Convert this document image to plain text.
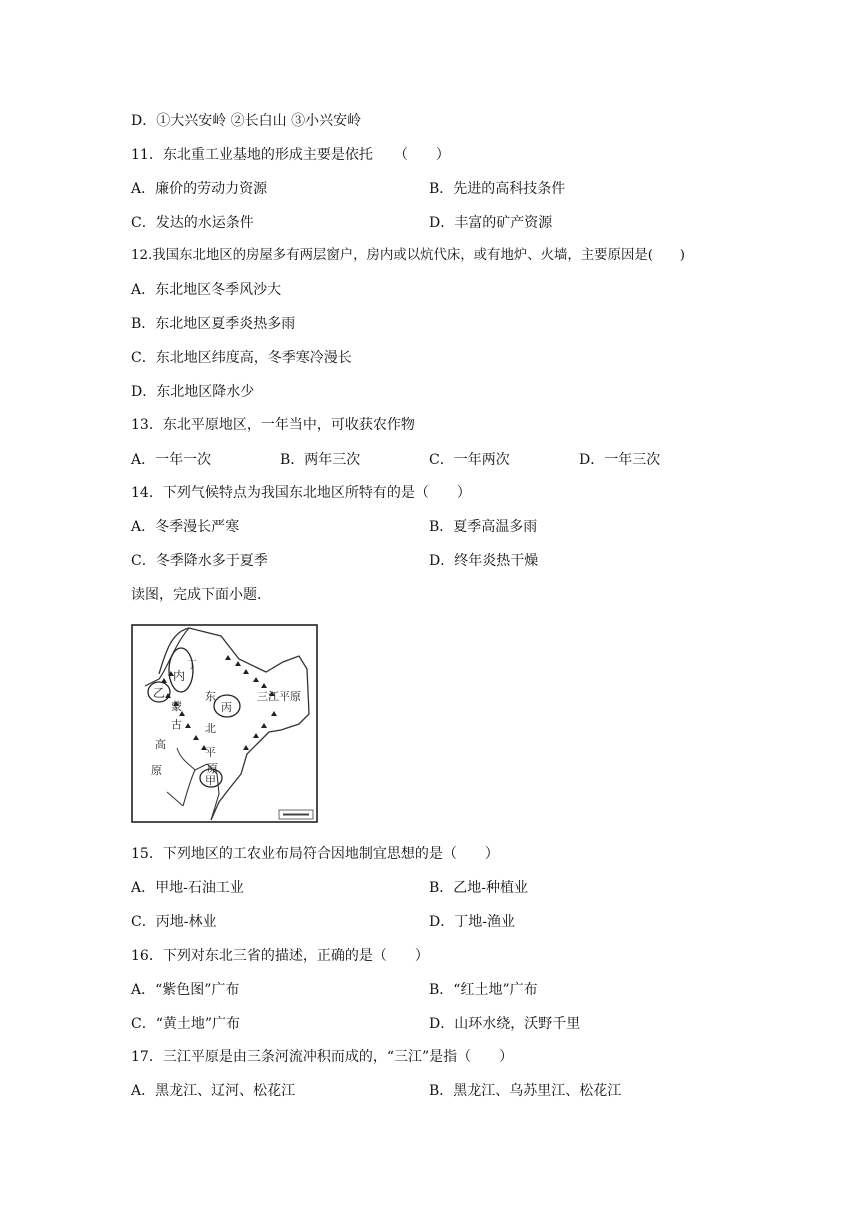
D．①大兴安岭 ②长白山 ③小兴安岭
11．东北重工业基地的形成主要是依托　　（　　）
A．廉价的劳动力资源	B．先进的高科技条件
C．发达的水运条件	D．丰富的矿产资源
12.我国东北地区的房屋多有两层窗户，房内或以炕代床，或有地炉、火墙，主要原因是(　　)
A．东北地区冬季风沙大
B．东北地区夏季炎热多雨
C．东北地区纬度高，冬季寒冷漫长
D．东北地区降水少
13．东北平原地区，一年当中，可收获农作物
A．一年一次	B．两年三次	C．一年两次	D．一年三次
14．下列气候特点为我国东北地区所特有的是（　　）
A．冬季漫长严寒	B．夏季高温多雨
C．冬季降水多于夏季	D．终年炎热干燥
读图，完成下面小题.
内
丁
乙
蒙
古
高
原
东
丙
北
平
原
甲
三江平原
15．下列地区的工农业布局符合因地制宜思想的是（　　）
A．甲地-石油工业	B．乙地-种植业
C．丙地-林业	D．丁地-渔业
16．下列对东北三省的描述，正确的是（　　）
A．“紫色图”广布	B．“红土地”广布
C．“黄土地”广布	D．山环水绕，沃野千里
17．三江平原是由三条河流冲积而成的，“三江”是指（　　）
A．黑龙江、辽河、松花江	B．黑龙江、乌苏里江、松花江
